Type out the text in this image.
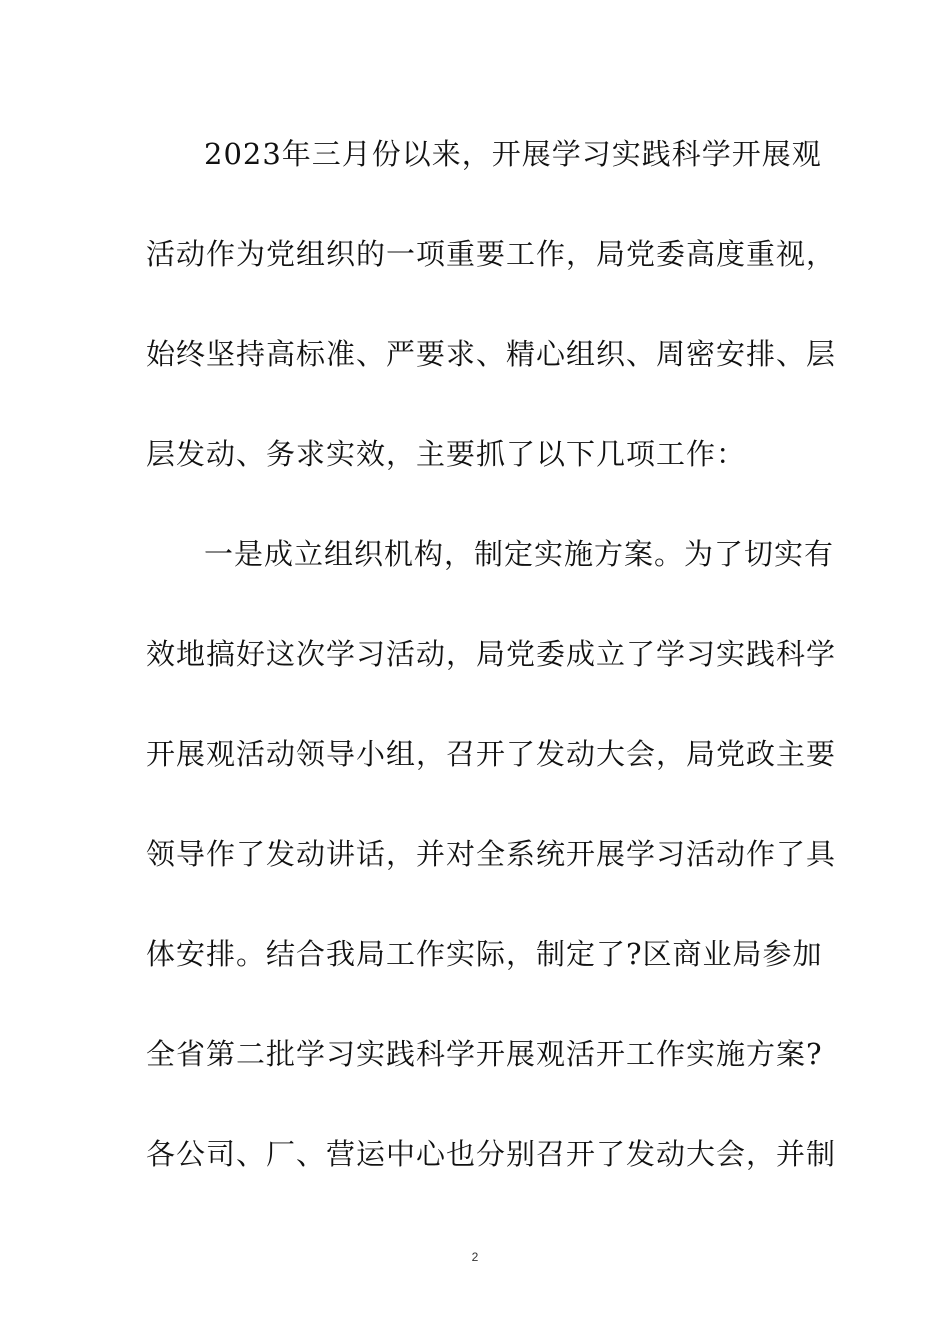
2023年三月份以来，开展学习实践科学开展观
活动作为党组织的一项重要工作，局党委高度重视，
始终坚持高标准、严要求、精心组织、周密安排、层
层发动、务求实效，主要抓了以下几项工作：
一是成立组织机构，制定实施方案。为了切实有
效地搞好这次学习活动，局党委成立了学习实践科学
开展观活动领导小组，召开了发动大会，局党政主要
领导作了发动讲话，并对全系统开展学习活动作了具
体安排。结合我局工作实际，制定了?区商业局参加
全省第二批学习实践科学开展观活开工作实施方案?
各公司、厂、营运中心也分别召开了发动大会，并制
2
